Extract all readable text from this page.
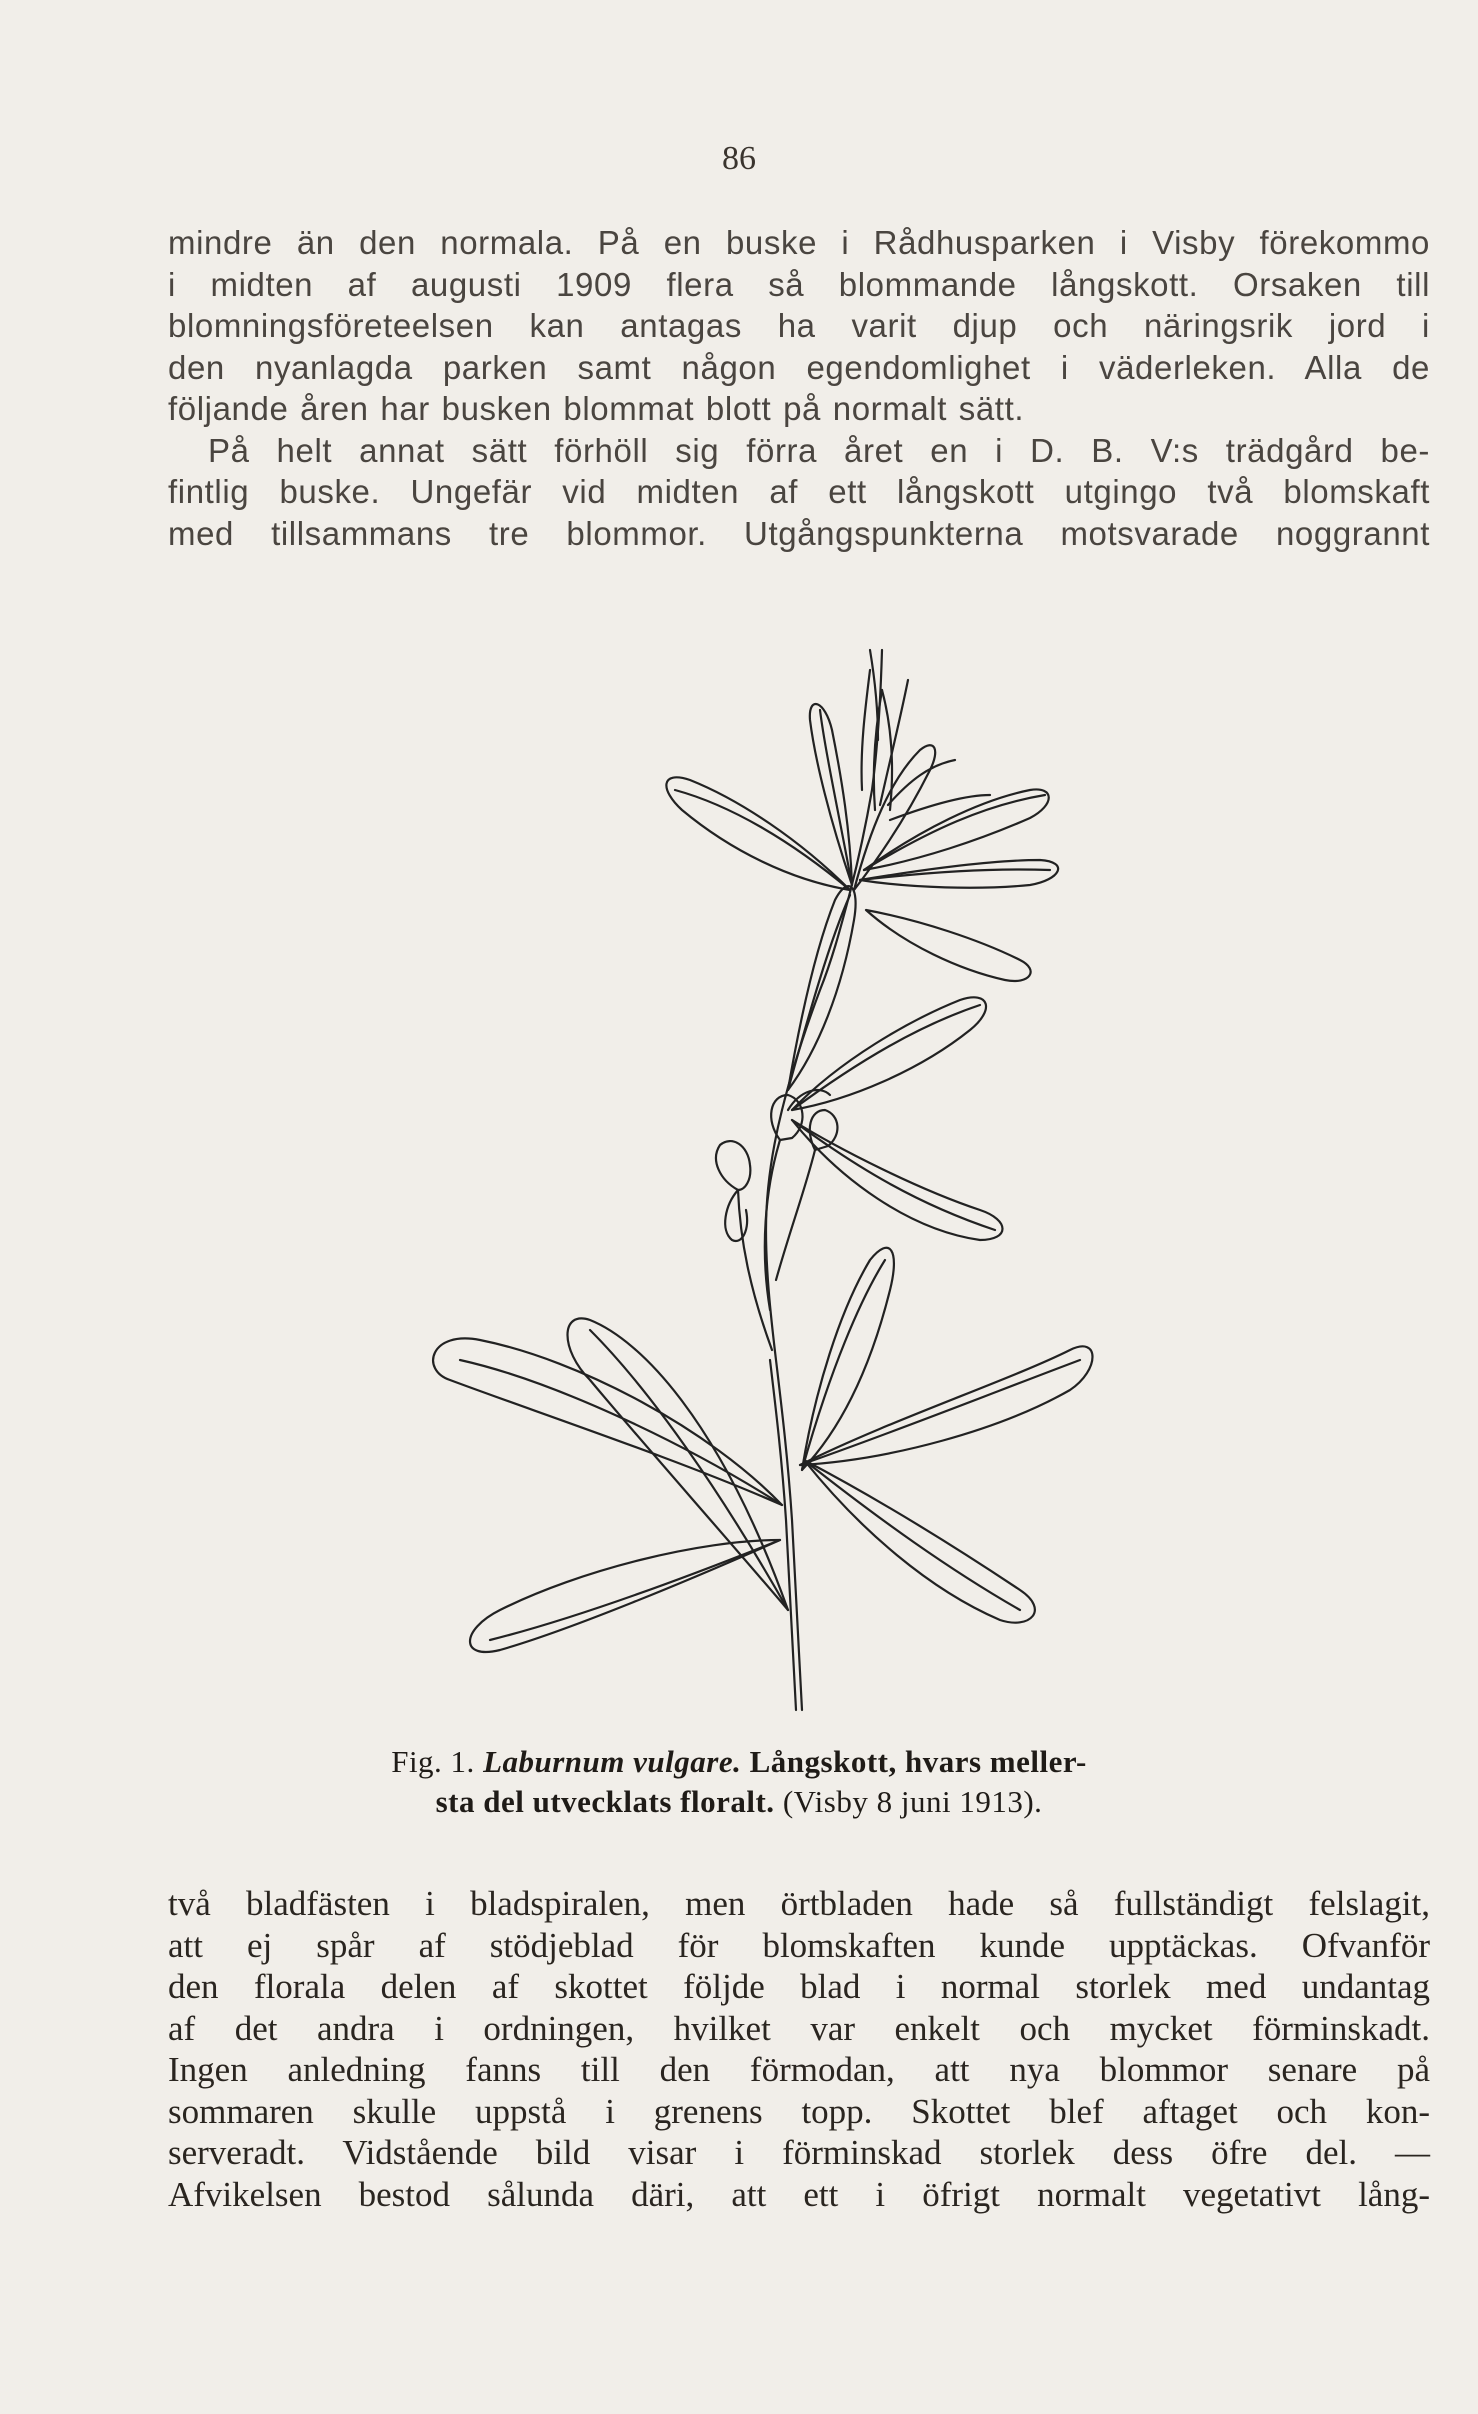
86
mindre än den normala. På en buske i Rådhusparken i Visby förekommo
i midten af augusti 1909 flera så blommande långskott. Orsaken till
blomningsföreteelsen kan antagas ha varit djup och näringsrik jord i
den nyanlagda parken samt någon egendomlighet i väderleken. Alla de
följande åren har busken blommat blott på normalt sätt.
På helt annat sätt förhöll sig förra året en i D. B. V:s trädgård be-
fintlig buske. Ungefär vid midten af ett långskott utgingo två blomskaft
med tillsammans tre blommor. Utgångspunkterna motsvarade noggrannt
Fig. 1. Laburnum vulgare. Långskott, hvars meller-
sta del utvecklats floralt. (Visby 8 juni 1913).
två bladfästen i bladspiralen, men örtbladen hade så fullständigt felslagit,
att ej spår af stödjeblad för blomskaften kunde upptäckas. Ofvanför
den florala delen af skottet följde blad i normal storlek med undantag
af det andra i ordningen, hvilket var enkelt och mycket förminskadt.
Ingen anledning fanns till den förmodan, att nya blommor senare på
sommaren skulle uppstå i grenens topp. Skottet blef aftaget och kon-
serveradt. Vidstående bild visar i förminskad storlek dess öfre del. —
Afvikelsen bestod sålunda däri, att ett i öfrigt normalt vegetativt lång-
